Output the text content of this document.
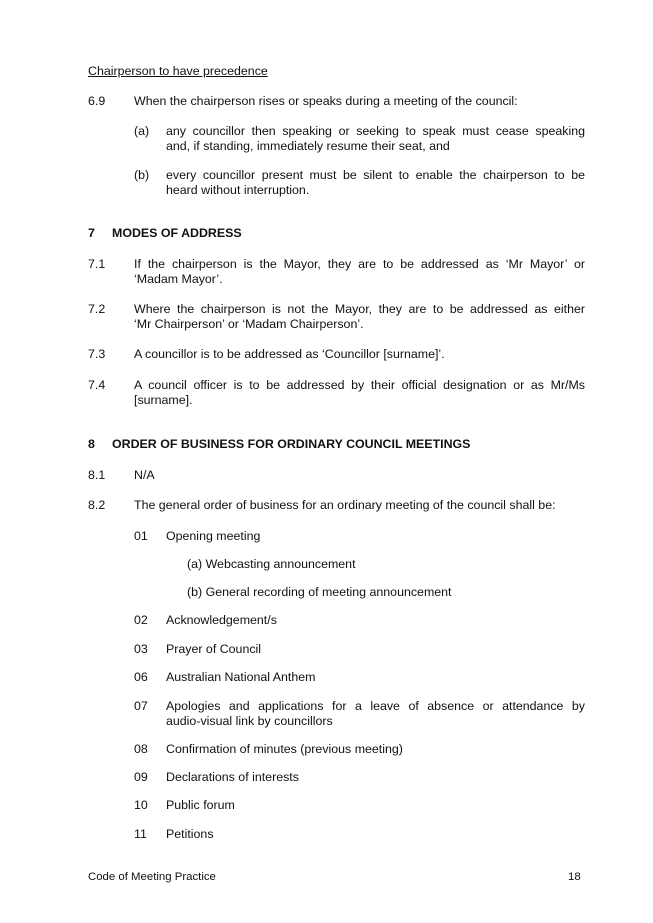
Chairperson to have precedence
6.9 When the chairperson rises or speaks during a meeting of the council:
(a) any councillor then speaking or seeking to speak must cease speaking
and, if standing, immediately resume their seat, and
(b) every councillor present must be silent to enable the chairperson to be
heard without interruption.
7 MODES OF ADDRESS
7.1 If the chairperson is the Mayor, they are to be addressed as ‘Mr Mayor’ or
‘Madam Mayor’.
7.2 Where the chairperson is not the Mayor, they are to be addressed as either
‘Mr Chairperson’ or ‘Madam Chairperson’.
7.3 A councillor is to be addressed as ‘Councillor [surname]’.
7.4 A council officer is to be addressed by their official designation or as Mr/Ms
[surname].
8 ORDER OF BUSINESS FOR ORDINARY COUNCIL MEETINGS
8.1 N/A
8.2 The general order of business for an ordinary meeting of the council shall be:
01 Opening meeting
(a) Webcasting announcement
(b) General recording of meeting announcement
02 Acknowledgement/s
03 Prayer of Council
06 Australian National Anthem
07 Apologies and applications for a leave of absence or attendance by
audio-visual link by councillors
08 Confirmation of minutes (previous meeting)
09 Declarations of interests
10 Public forum
11 Petitions
Code of Meeting Practice	18
